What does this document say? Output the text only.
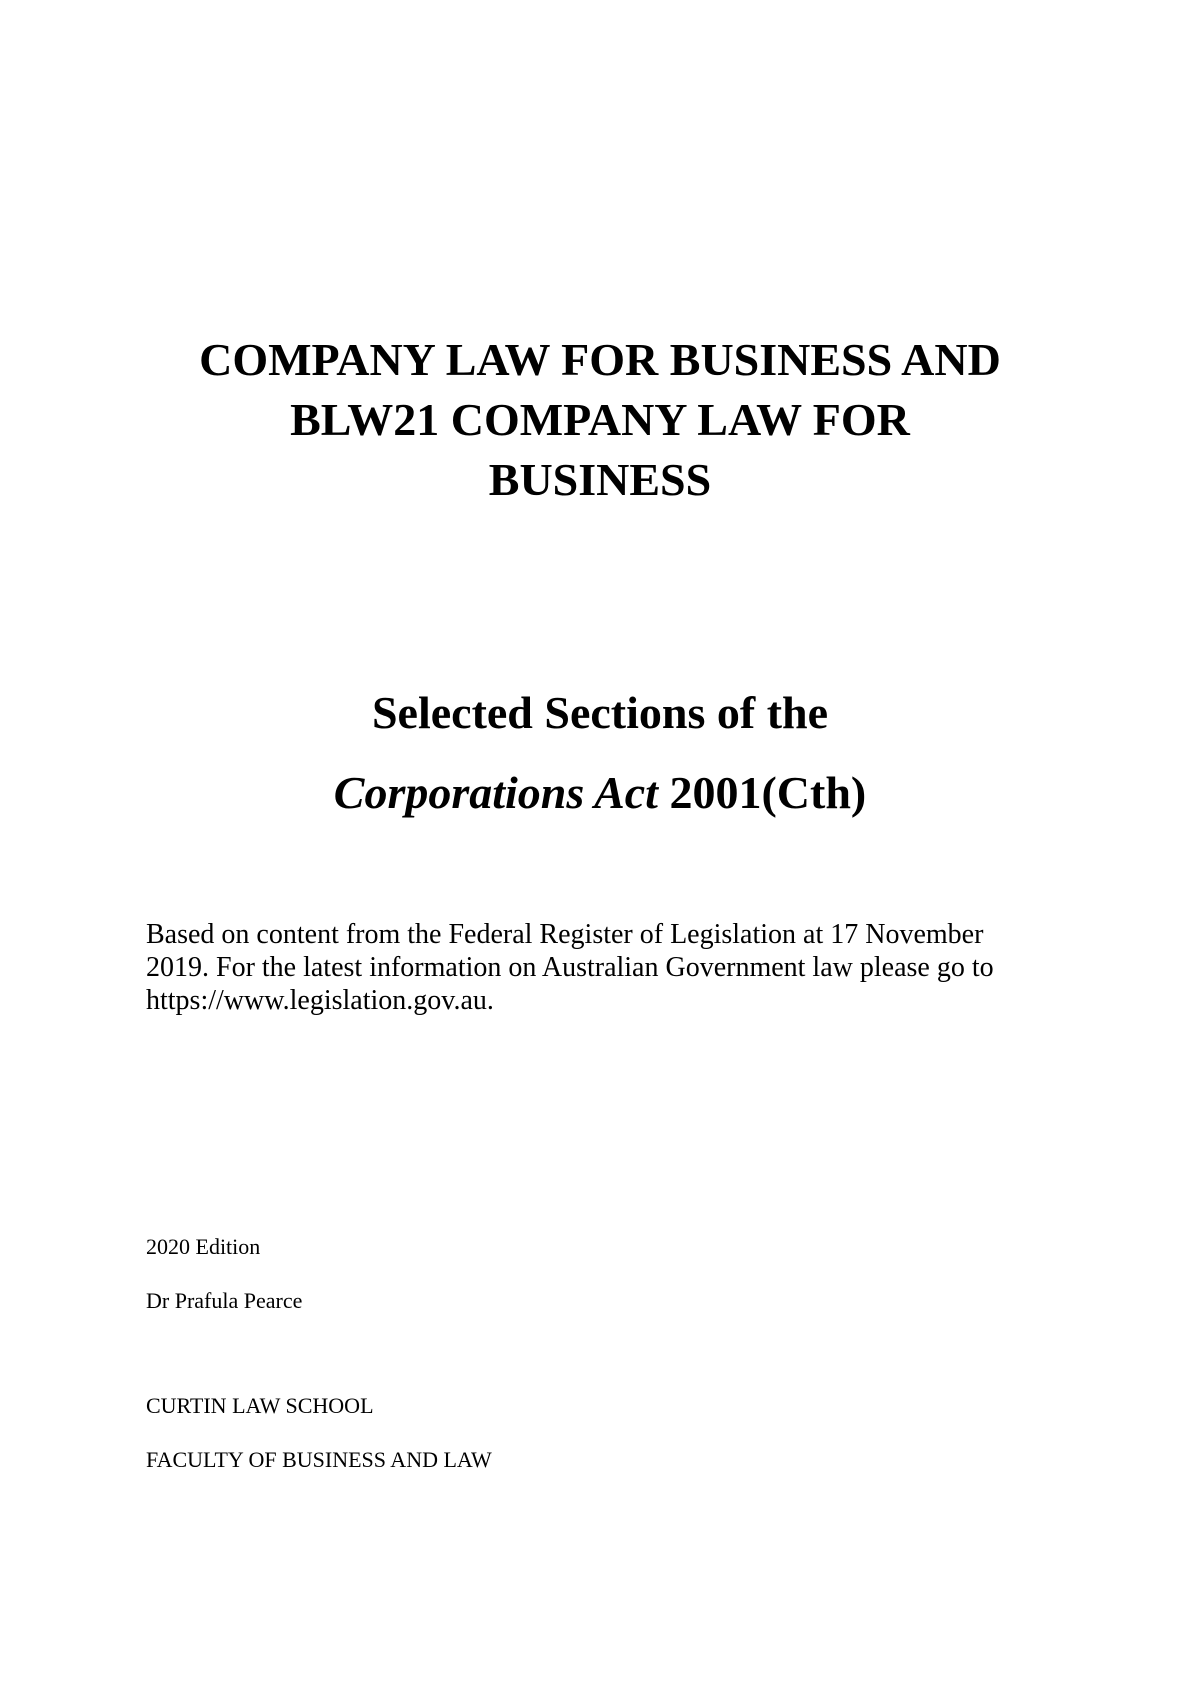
COMPANY LAW FOR BUSINESS AND
BLW21 COMPANY LAW FOR
BUSINESS
Selected Sections of the
Corporations Act 2001(Cth)
Based on content from the Federal Register of Legislation at 17 November
2019. For the latest information on Australian Government law please go to
https://www.legislation.gov.au.
2020 Edition
Dr Prafula Pearce
CURTIN LAW SCHOOL
FACULTY OF BUSINESS AND LAW
